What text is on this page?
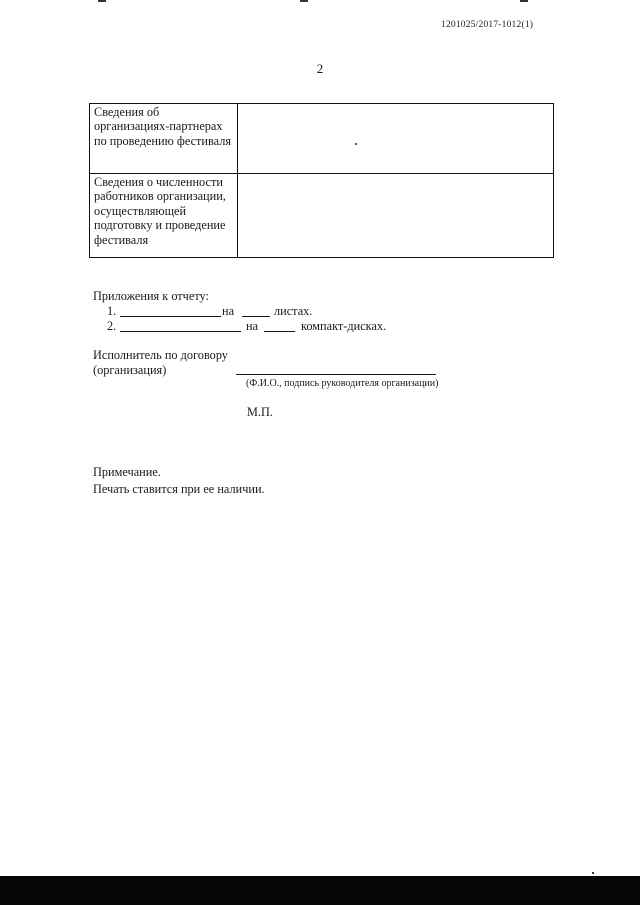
1201025/2017-1012(1)
2
Сведения об организациях-партнерах по проведению фестиваля	
Сведения о численности работников организации, осуществляющей подготовку и проведение фестиваля	
Приложения к отчету:
1.	на	листах.
2.	на	компакт-дисках.
Исполнитель по договору
(организация)
(Ф.И.О., подпись руководителя организации)
М.П.
Примечание.
Печать ставится при ее наличии.
